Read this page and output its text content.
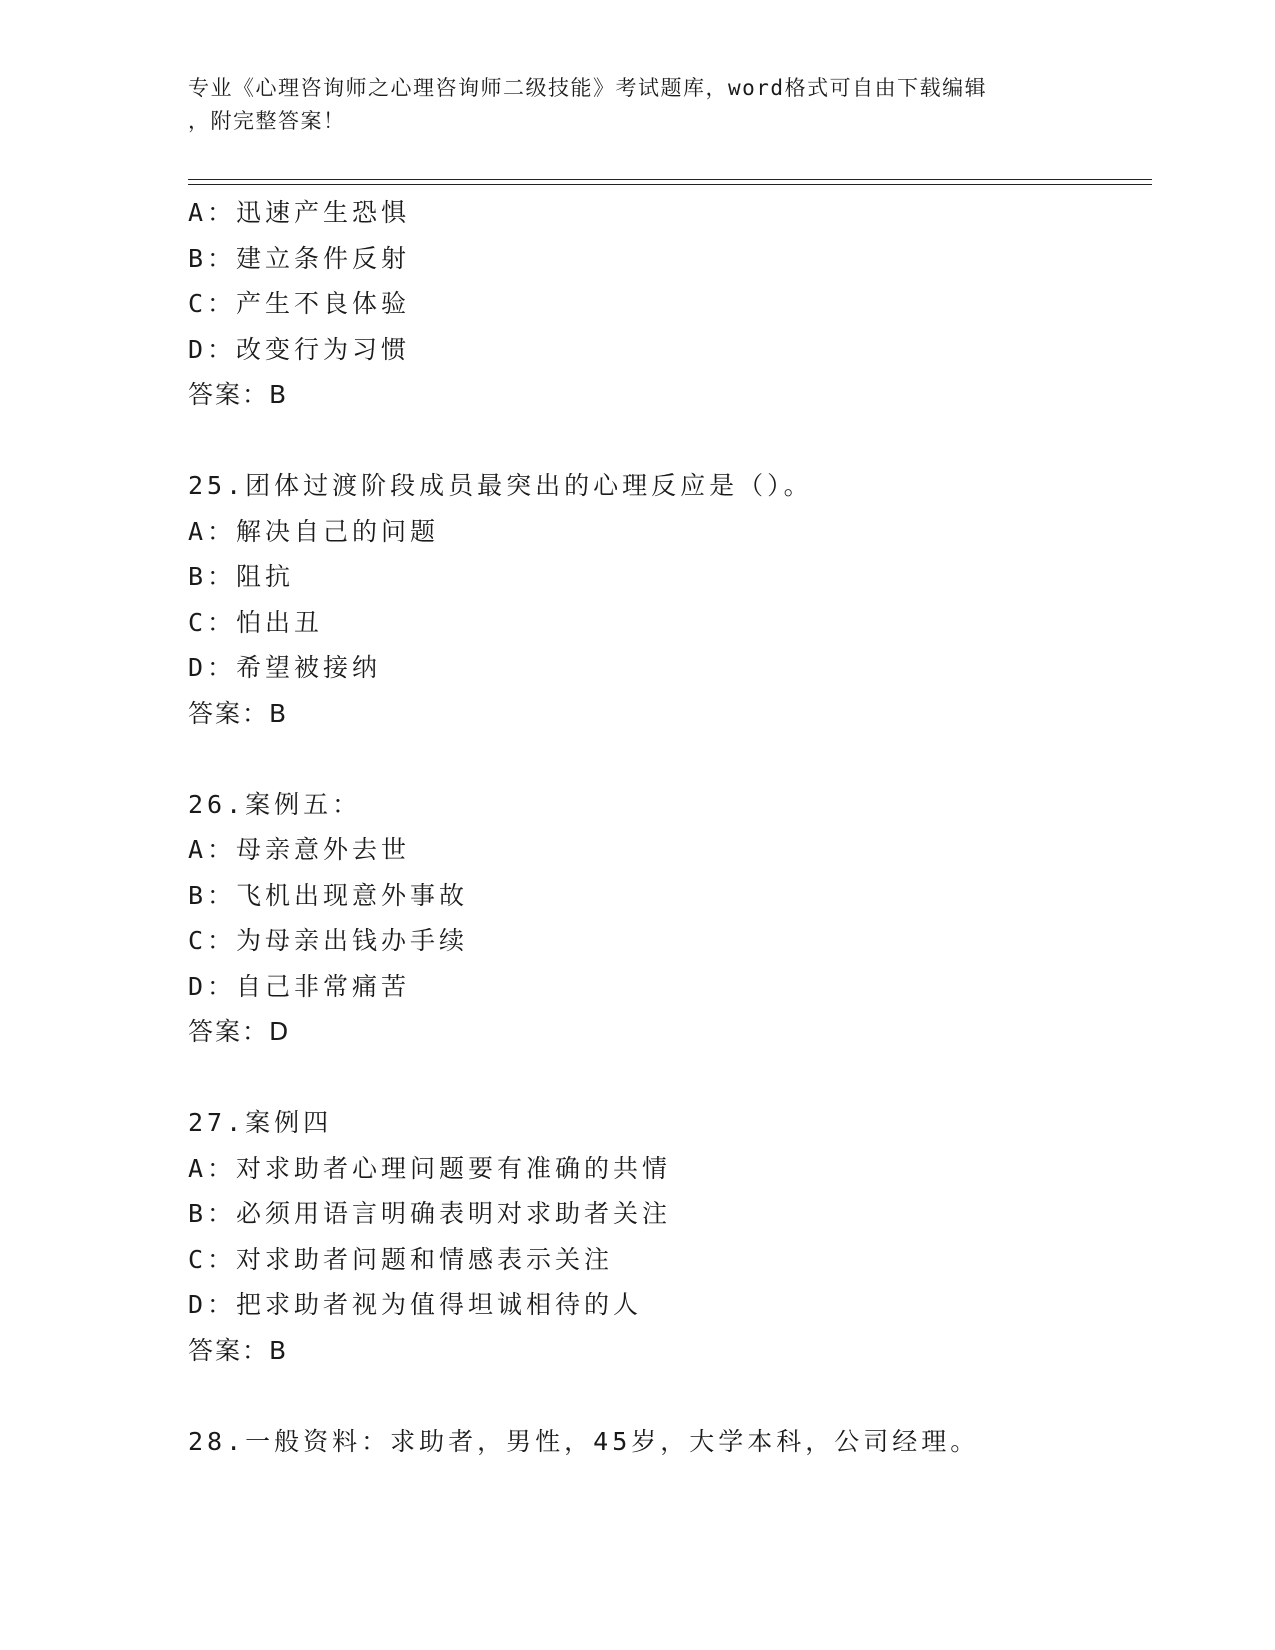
专业《心理咨询师之心理咨询师二级技能》考试题库，word格式可自由下载编辑
，附完整答案！
A：迅速产生恐惧
B：建立条件反射
C：产生不良体验
D：改变行为习惯
答案：B
25.团体过渡阶段成员最突出的心理反应是（）。
A：解决自己的问题
B：阻抗
C：怕出丑
D：希望被接纳
答案：B
26.案例五：
A：母亲意外去世
B：飞机出现意外事故
C：为母亲出钱办手续
D：自己非常痛苦
答案：D
27.案例四
A：对求助者心理问题要有准确的共情
B：必须用语言明确表明对求助者关注
C：对求助者问题和情感表示关注
D：把求助者视为值得坦诚相待的人
答案：B
28.一般资料：求助者，男性，45岁，大学本科，公司经理。
